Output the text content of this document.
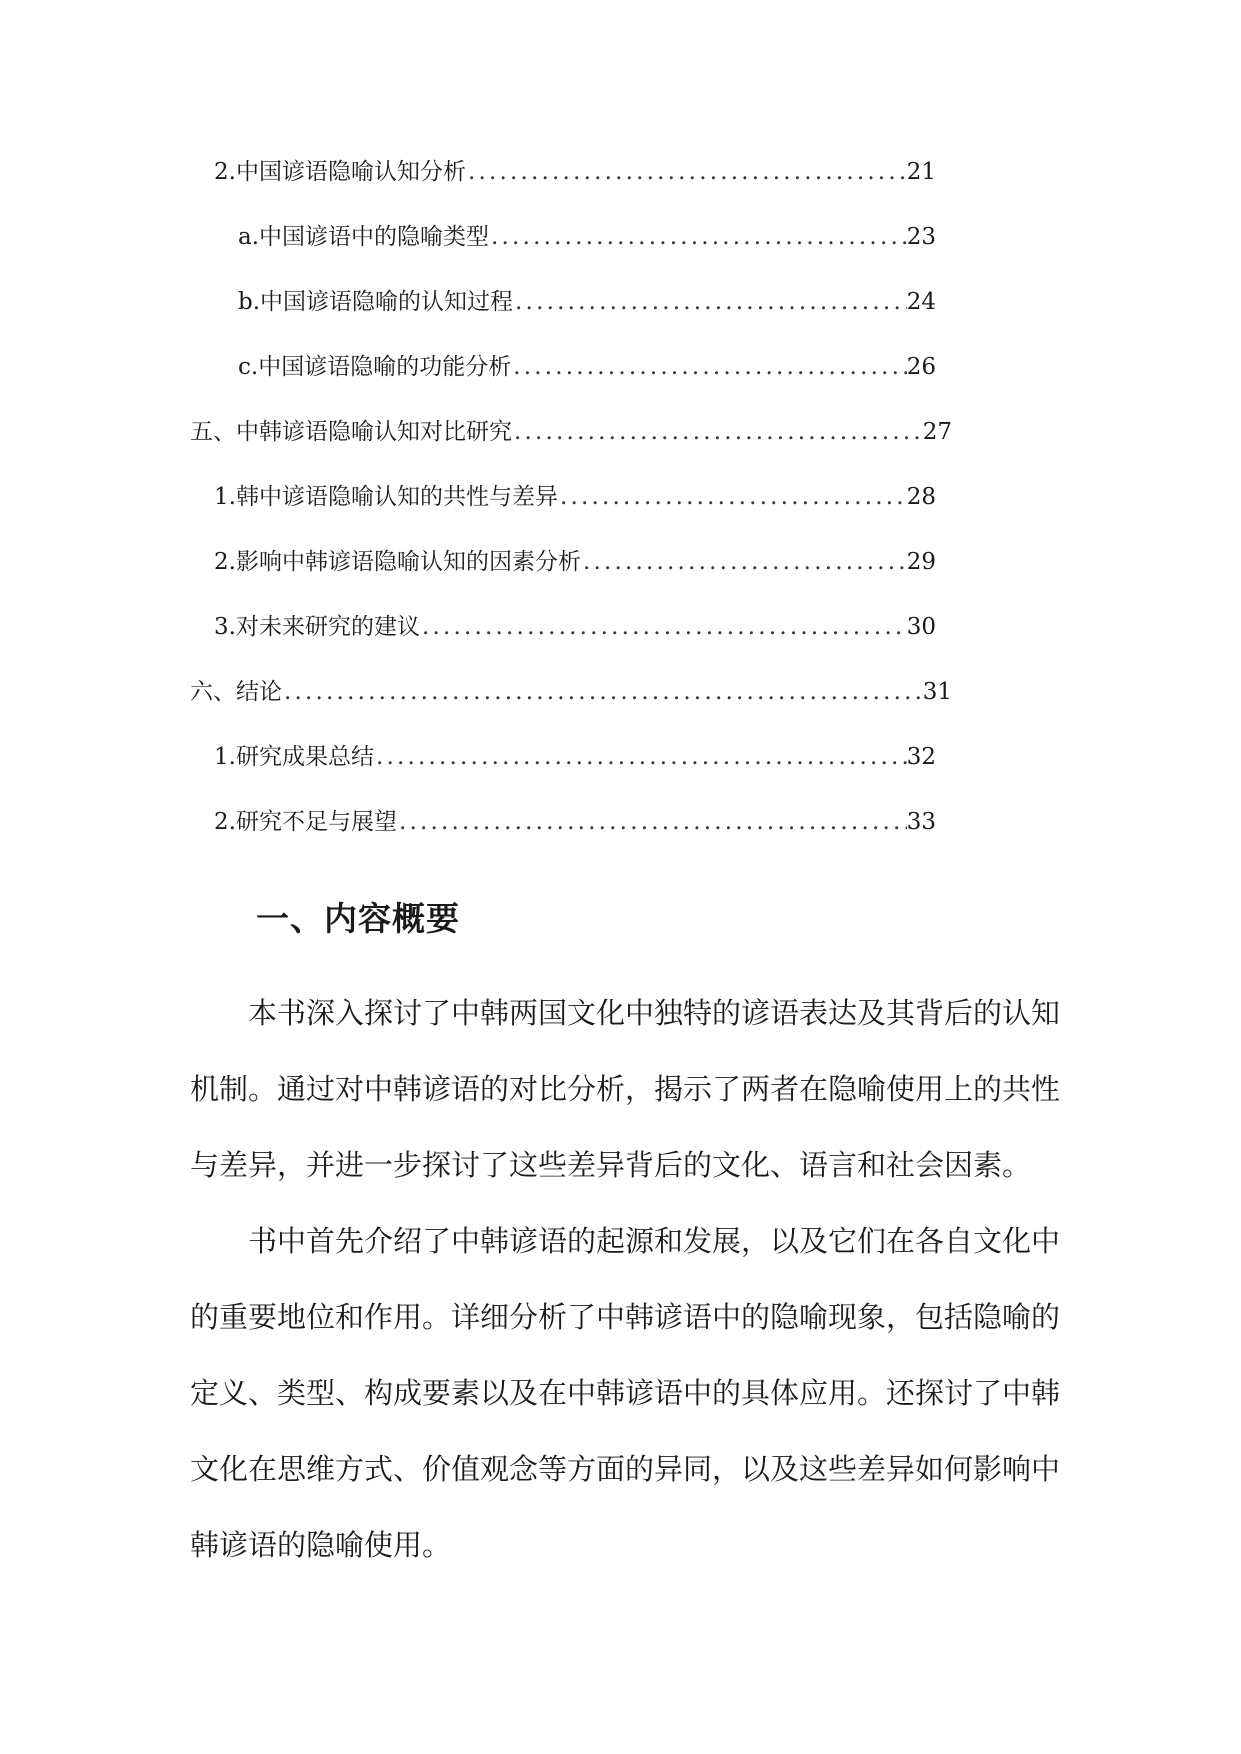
2. 中国谚语隐喻认知分析 .....	21
a. 中国谚语中的隐喻类型 .....	23
b. 中国谚语隐喻的认知过程 .....	24
c. 中国谚语隐喻的功能分析 .....	26
五、中韩谚语隐喻认知对比研究 .....	27
1. 韩中谚语隐喻认知的共性与差异 .....	28
2. 影响中韩谚语隐喻认知的因素分析 .....	29
3. 对未来研究的建议 .....	30
六、结论 .....	31
1. 研究成果总结 .....	32
2. 研究不足与展望 .....	33
一、内容概要

本书深入探讨了中韩两国文化中独特的谚语表达及其背后的认知机制。通过对中韩谚语的对比分析，揭示了两者在隐喻使用上的共性与差异，并进一步探讨了这些差异背后的文化、语言和社会因素。

书中首先介绍了中韩谚语的起源和发展，以及它们在各自文化中的重要地位和作用。详细分析了中韩谚语中的隐喻现象，包括隐喻的定义、类型、构成要素以及在中韩谚语中的具体应用。还探讨了中韩文化在思维方式、价值观念等方面的异同，以及这些差异如何影响中韩谚语的隐喻使用。
